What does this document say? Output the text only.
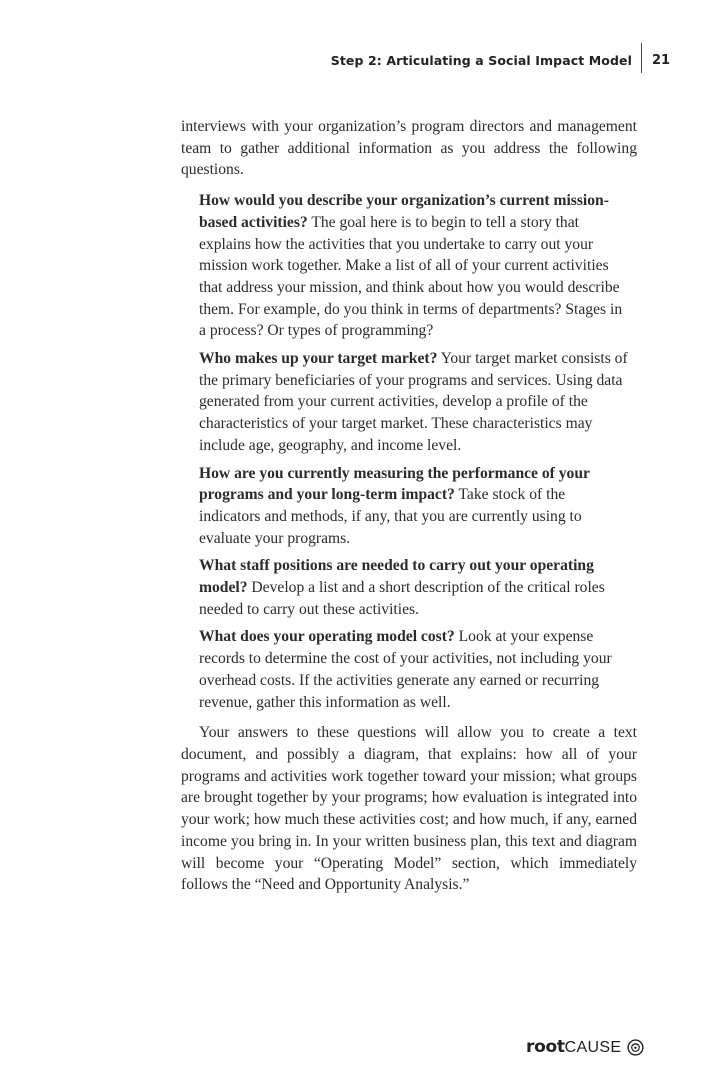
Step 2: Articulating a Social Impact Model 21

interviews with your organization’s program directors and management team to gather additional information as you address the following questions.

How would you describe your organization’s current mission-based activities? The goal here is to begin to tell a story that explains how the activities that you undertake to carry out your mission work together. Make a list of all of your current activities that address your mission, and think about how you would describe them. For example, do you think in terms of departments? Stages in a process? Or types of programming?

Who makes up your target market? Your target market consists of the primary beneficiaries of your programs and services. Using data generated from your current activities, develop a profile of the characteristics of your target market. These characteristics may include age, geography, and income level.

How are you currently measuring the performance of your programs and your long-term impact? Take stock of the indicators and methods, if any, that you are currently using to evaluate your programs.

What staff positions are needed to carry out your operating model? Develop a list and a short description of the critical roles needed to carry out these activities.

What does your operating model cost? Look at your expense records to determine the cost of your activities, not including your overhead costs. If the activities generate any earned or recurring revenue, gather this information as well.

Your answers to these questions will allow you to create a text document, and possibly a diagram, that explains: how all of your programs and activities work together toward your mission; what groups are brought together by your programs; how evaluation is integrated into your work; how much these activities cost; and how much, if any, earned income you bring in. In your written business plan, this text and diagram will become your “Operating Model” section, which immediately follows the “Need and Opportunity Analysis.”

rootCAUSE
